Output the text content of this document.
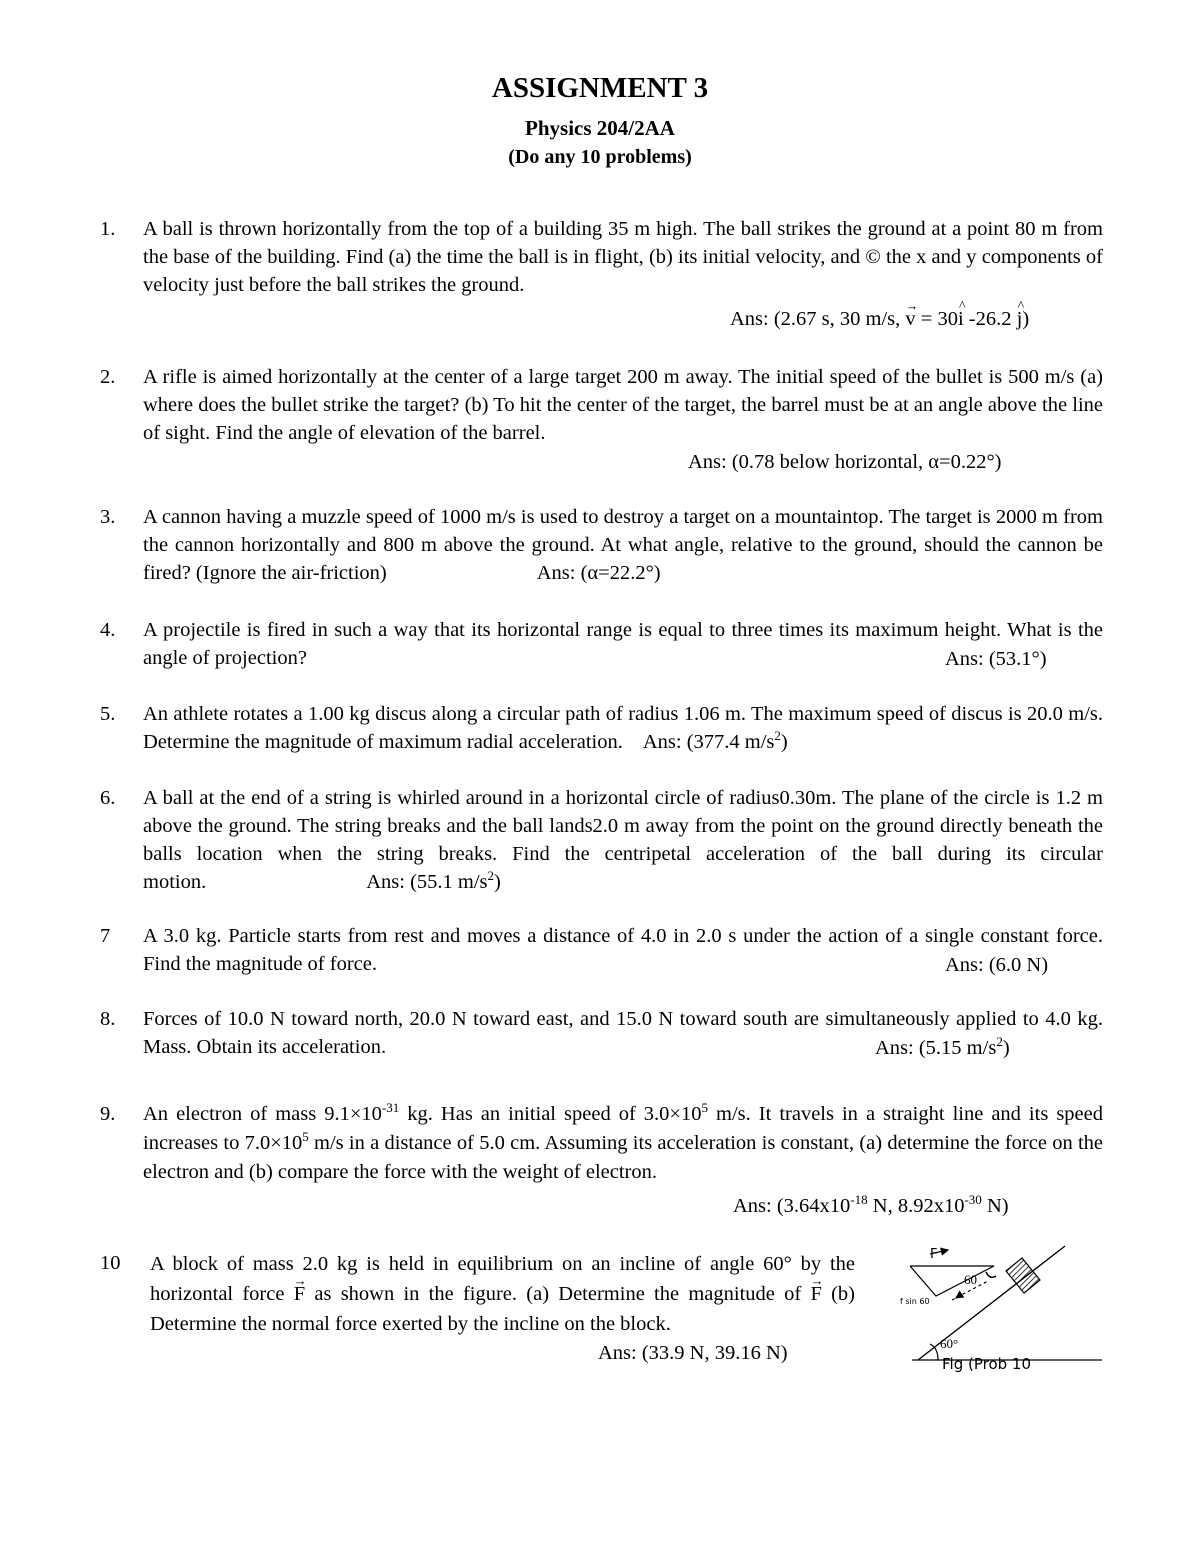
ASSIGNMENT 3
Physics 204/2AA
(Do any 10 problems)
1. A ball is thrown horizontally from the top of a building 35 m high. The ball strikes the ground at a point 80 m from the base of the building. Find (a) the time the ball is in flight, (b) its initial velocity, and © the x and y components of velocity just before the ball strikes the ground.
Ans: (2.67 s, 30 m/s, → v = 30^ i -26.2 ^ j)
2. A rifle is aimed horizontally at the center of a large target 200 m away. The initial speed of the bullet is 500 m/s (a) where does the bullet strike the target? (b) To hit the center of the target, the barrel must be at an angle above the line of sight. Find the angle of elevation of the barrel.
Ans: (0.78 below horizontal, α=0.22°)
3. A cannon having a muzzle speed of 1000 m/s is used to destroy a target on a mountaintop. The target is 2000 m from the cannon horizontally and 800 m above the ground. At what angle, relative to the ground, should the cannon be fired? (Ignore the air-friction)	Ans: (α=22.2°)
4. A projectile is fired in such a way that its horizontal range is equal to three times its maximum height. What is the angle of projection?	Ans: (53.1°)
5. An athlete rotates a 1.00 kg discus along a circular path of radius 1.06 m. The maximum speed of discus is 20.0 m/s. Determine the magnitude of maximum radial acceleration. Ans: (377.4 $m/s^2$)
6. A ball at the end of a string is whirled around in a horizontal circle of radius0.30m. The plane of the circle is 1.2 m above the ground. The string breaks and the ball lands2.0 m away from the point on the ground directly beneath the balls location when the string breaks. Find the centripetal acceleration of the ball during its circular motion.	Ans: (55.1 $m/s^2$)
7 A 3.0 kg. Particle starts from rest and moves a distance of 4.0 in 2.0 s under the action of a single constant force. Find the magnitude of force.	Ans: (6.0 N)
8. Forces of 10.0 N toward north, 20.0 N toward east, and 15.0 N toward south are simultaneously applied to 4.0 kg. Mass. Obtain its acceleration.	Ans: (5.15 $m/s^2$)
9. An electron of mass $9.1\times 10^{-31}$ kg. Has an initial speed of $3.0\times 10^5$ m/s. It travels in a straight line and its speed increases to $7.0\times 10^5$ m/s in a distance of 5.0 cm. Assuming its acceleration is constant, (a) determine the force on the electron and (b) compare the force with the weight of electron.
Ans: ($3.64x10^{-18}$ N, $8.92x10^{-30}$ N)
10 A block of mass 2.0 kg is held in equilibrium on an incline of angle 60° by the horizontal force → F as shown in the figure. (a) Determine the magnitude of → F (b) Determine the normal force exerted by the incline on the block.
Ans: (33.9 N, 39.16 N)
F
f sin 60
60
60°
Fig (Prob 10
